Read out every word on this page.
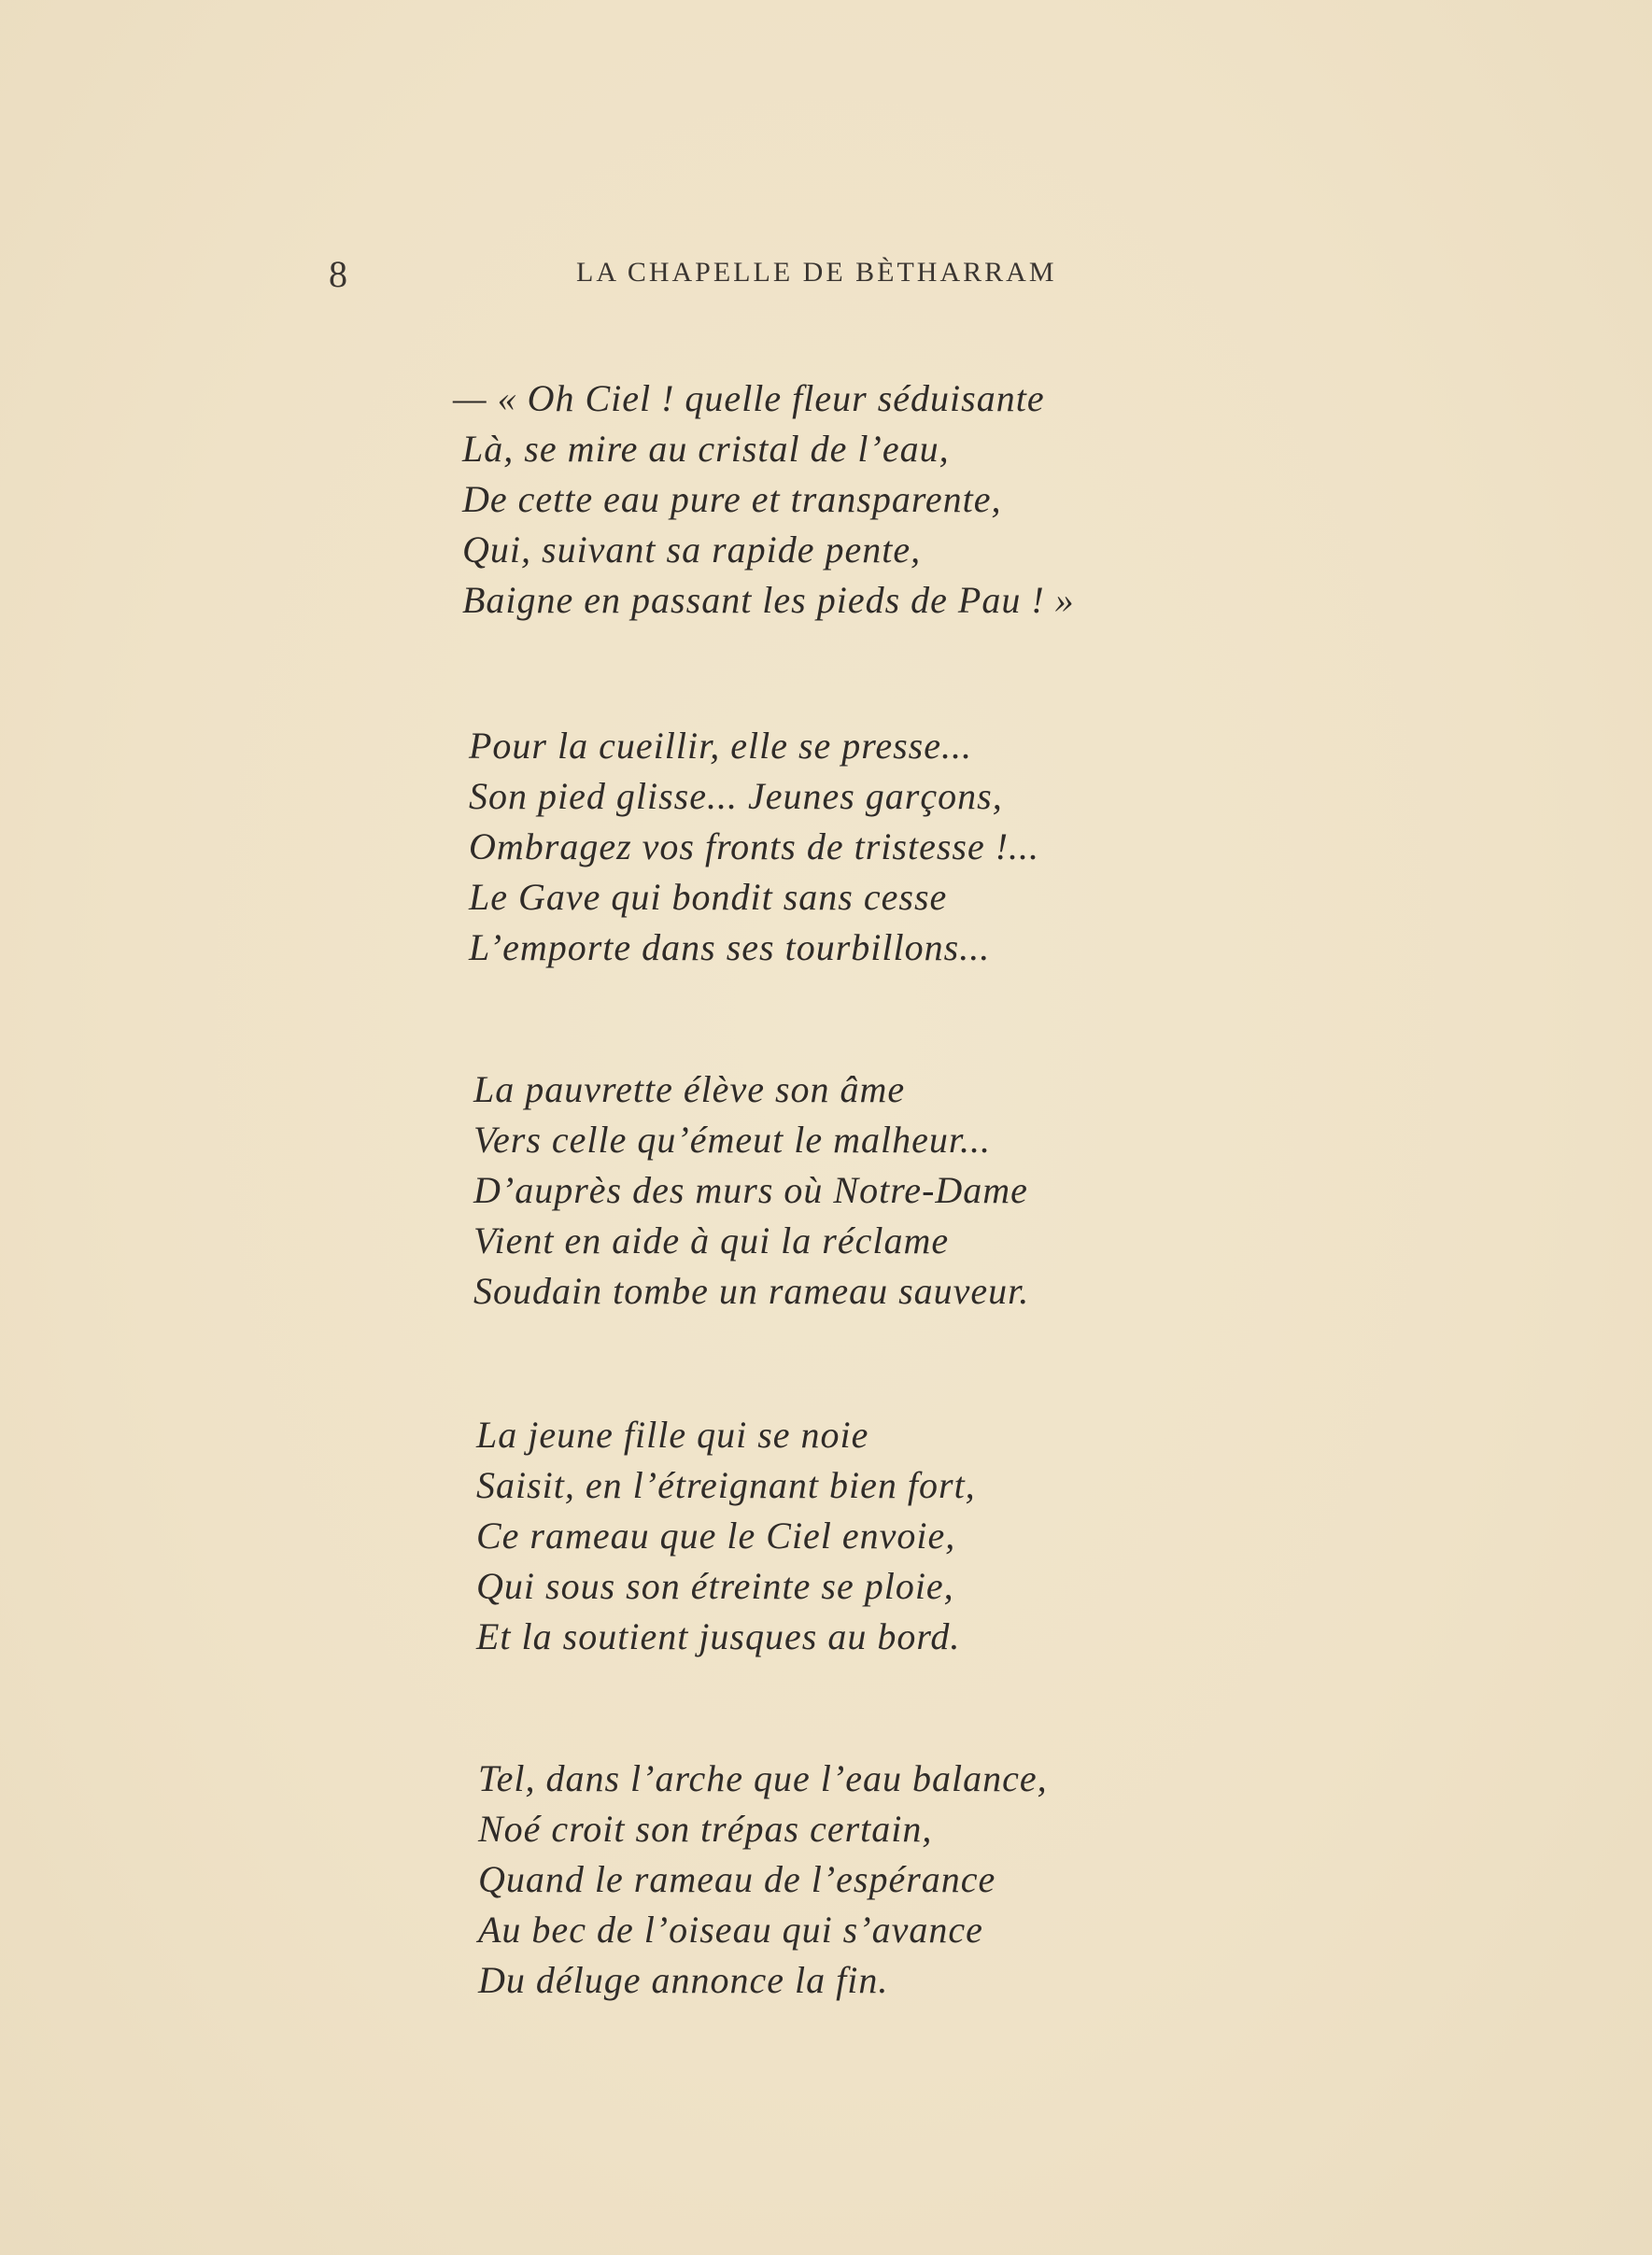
8	LA CHAPELLE DE BÈTHARRAM
— « Oh Ciel ! quelle fleur séduisante
Là, se mire au cristal de l’eau,
De cette eau pure et transparente,
Qui, suivant sa rapide pente,
Baigne en passant les pieds de Pau ! »
Pour la cueillir, elle se presse...
Son pied glisse... Jeunes garçons,
Ombragez vos fronts de tristesse !...
Le Gave qui bondit sans cesse
L’emporte dans ses tourbillons...
La pauvrette élève son âme
Vers celle qu’émeut le malheur...
D’auprès des murs où Notre-Dame
Vient en aide à qui la réclame
Soudain tombe un rameau sauveur.
La jeune fille qui se noie
Saisit, en l’étreignant bien fort,
Ce rameau que le Ciel envoie,
Qui sous son étreinte se ploie,
Et la soutient jusques au bord.
Tel, dans l’arche que l’eau balance,
Noé croit son trépas certain,
Quand le rameau de l’espérance
Au bec de l’oiseau qui s’avance
Du déluge annonce la fin.
